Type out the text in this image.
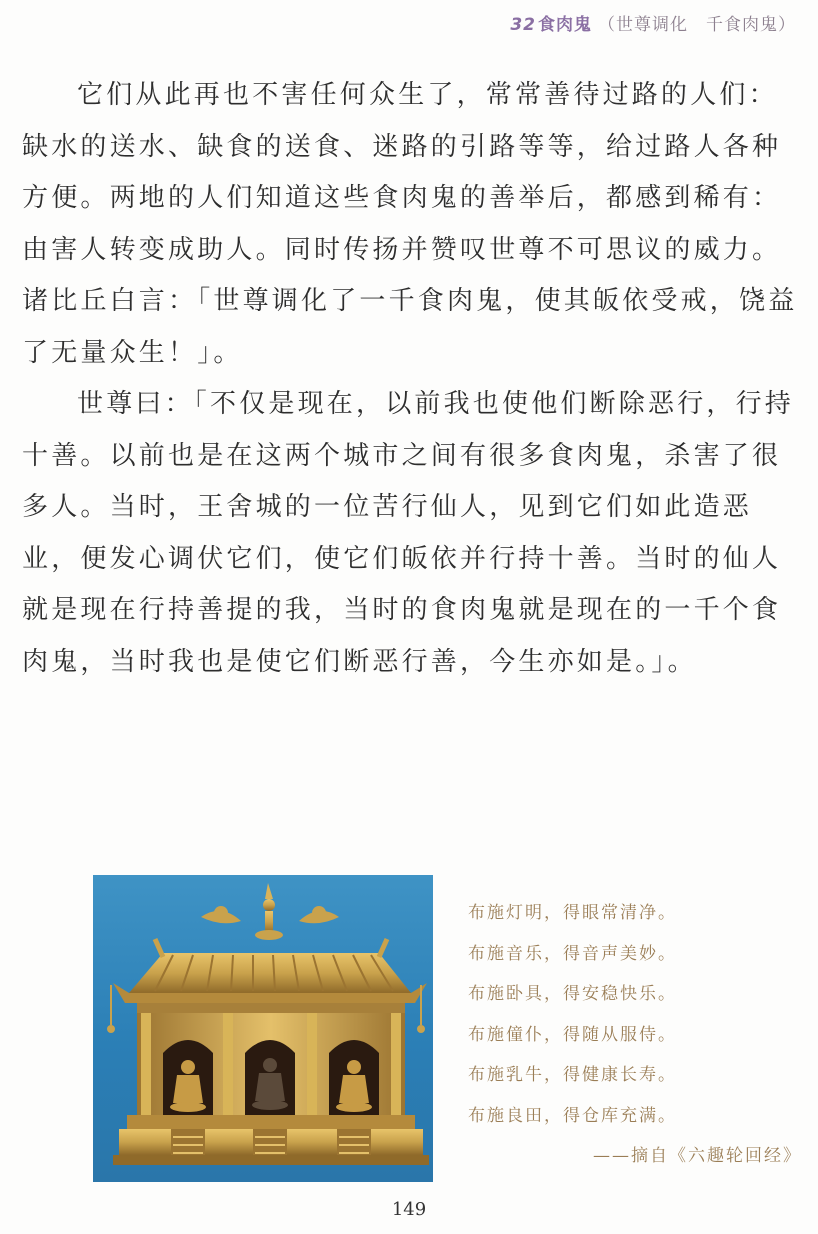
32 食肉鬼 （世尊调化　千食肉鬼）

它们从此再也不害任何众生了，常常善待过路的人们：缺水的送水、缺食的送食、迷路的引路等等，给过路人各种方便。两地的人们知道这些食肉鬼的善举后，都感到稀有：由害人转变成助人。同时传扬并赞叹世尊不可思议的威力。诸比丘白言：「世尊调化了一千食肉鬼，使其皈依受戒，饶益了无量众生！」。

世尊曰：「不仅是现在，以前我也使他们断除恶行，行持十善。以前也是在这两个城市之间有很多食肉鬼，杀害了很多人。当时，王舍城的一位苦行仙人，见到它们如此造恶业，便发心调伏它们，使它们皈依并行持十善。当时的仙人就是现在行持善提的我，当时的食肉鬼就是现在的一千个食肉鬼，当时我也是使它们断恶行善，今生亦如是。」。

布施灯明，得眼常清净。
布施音乐，得音声美妙。
布施卧具，得安稳快乐。
布施僮仆，得随从服侍。
布施乳牛，得健康长寿。
布施良田，得仓库充满。
——摘自《六趣轮回经》
149
